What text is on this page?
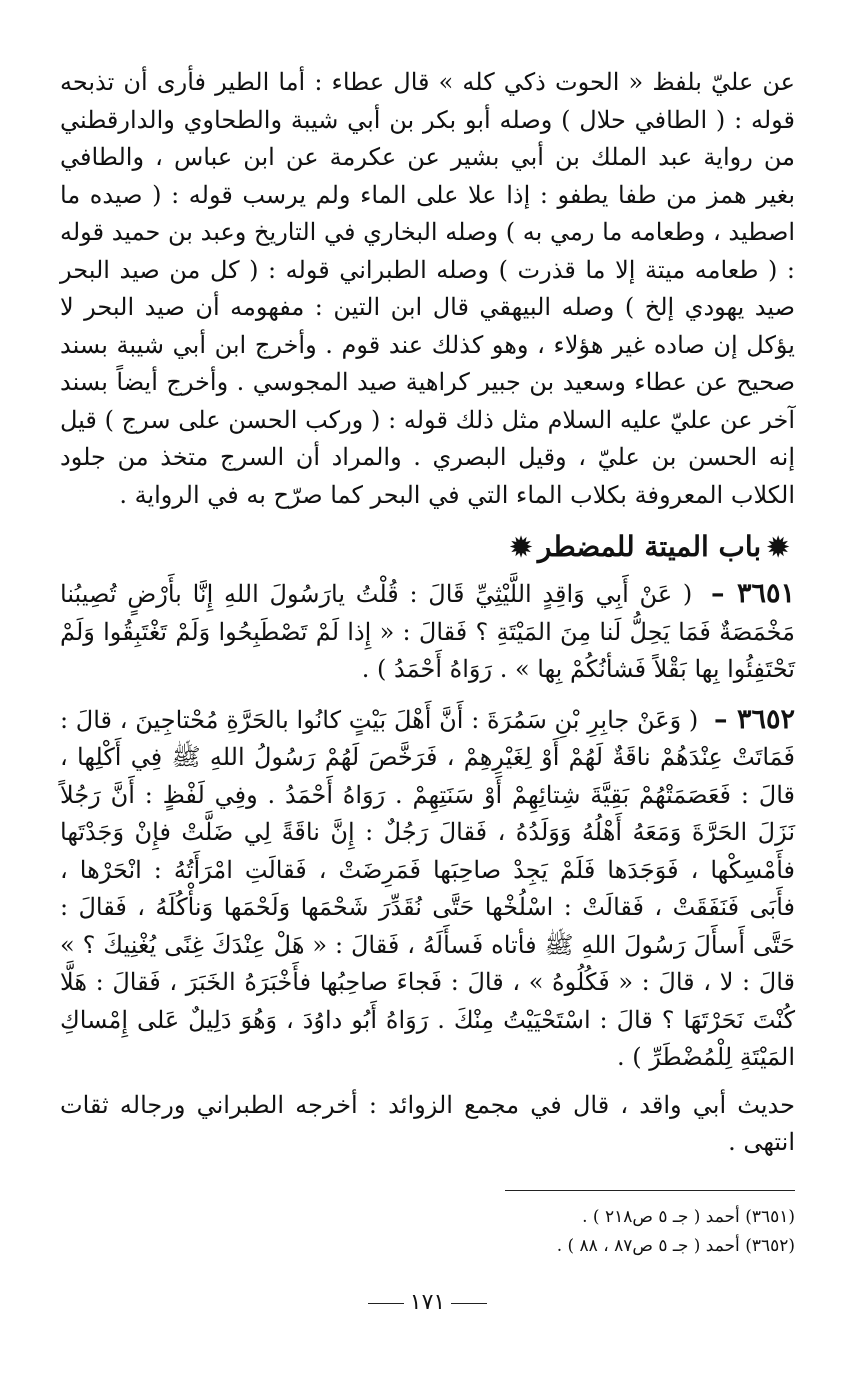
عن عليّ بلفظ « الحوت ذكي كله » قال عطاء : أما الطير فأرى أن تذبحه قوله : ( الطافي حلال ) وصله أبو بكر بن أبي شيبة والطحاوي والدارقطني من رواية عبد الملك بن أبي بشير عن عكرمة عن ابن عباس ، والطافي بغير همز من طفا يطفو : إذا علا على الماء ولم يرسب قوله : ( صيده ما اصطيد ، وطعامه ما رمي به ) وصله البخاري في التاريخ وعبد بن حميد قوله : ( طعامه ميتة إلا ما قذرت ) وصله الطبراني قوله : ( كل من صيد البحر صيد يهودي إلخ ) وصله البيهقي قال ابن التين : مفهومه أن صيد البحر لا يؤكل إن صاده غير هؤلاء ، وهو كذلك عند قوم . وأخرج ابن أبي شيبة بسند صحيح عن عطاء وسعيد بن جبير كراهية صيد المجوسي . وأخرج أيضاً بسند آخر عن عليّ عليه السلام مثل ذلك قوله : ( وركب الحسن على سرج ) قيل إنه الحسن بن عليّ ، وقيل البصري . والمراد أن السرج متخذ من جلود الكلاب المعروفة بكلاب الماء التي في البحر كما صرّح به في الرواية .

✹باب الميتة للمضطر✹

٣٦٥١ – ( عَنْ أَبِي وَاقِدٍ اللَّيْثِيِّ قَالَ : قُلْتُ يارَسُولَ اللهِ إِنَّا بأَرْضٍ تُصِيبُنا مَخْمَصَةٌ فَمَا يَحِلُّ لَنا مِنَ المَيْتَةِ ؟ فَقالَ : « إِذا لَمْ تَصْطَبِحُوا وَلَمْ تَغْتَبِقُوا وَلَمْ تَحْتَفِئُوا بِها بَقْلاً فَشأنُكُمْ بِها » . رَوَاهُ أَحْمَدُ ) .

٣٦٥٢ – ( وَعَنْ جابِرِ بْنِ سَمُرَةَ : أَنَّ أَهْلَ بَيْتٍ كانُوا بالحَرَّةِ مُحْتاجِينَ ، قالَ : فَمَاتَتْ عِنْدَهُمْ ناقَةٌ لَهُمْ أَوْ لِغَيْرِهِمْ ، فَرَخَّصَ لَهُمْ رَسُولُ اللهِ ﷺ فِي أَكْلِها ، قالَ : فَعَصَمَتْهُمْ بَقِيَّةَ شِتائِهِمْ أَوْ سَنَتِهِمْ . رَوَاهُ أَحْمَدُ . وفِي لَفْظٍ : أَنَّ رَجُلاً نَزَلَ الحَرَّةَ وَمَعَهُ أَهْلُهُ وَوَلَدُهُ ، فَقالَ رَجُلٌ : إِنَّ ناقَةً لِي ضَلَّتْ فإِنْ وَجَدْتَها فأَمْسِكْها ، فَوَجَدَها فَلَمْ يَجِدْ صاحِبَها فَمَرِضَتْ ، فَقالَتِ امْرَأَتُهُ : انْحَرْها ، فأَبَى فَنَفَقَتْ ، فَقالَتْ : اسْلُخْها حَتَّى نُقَدِّرَ شَحْمَها وَلَحْمَها وَنأْكُلَهُ ، فَقالَ : حَتَّى أَسأَلَ رَسُولَ اللهِ ﷺ فأتاه فَسأَلَهُ ، فَقالَ : « هَلْ عِنْدَكَ غِنًى يُغْنِيكَ ؟ » قالَ : لا ، قالَ : « فَكُلُوهُ » ، قالَ : فَجاءَ صاحِبُها فأَخْبَرَهُ الخَبَرَ ، فَقالَ : هَلَّا كُنْتَ نَحَرْتَهَا ؟ قالَ : اسْتَحْيَيْتُ مِنْكَ . رَوَاهُ أَبُو داوُدَ ، وَهُوَ دَلِيلٌ عَلى إِمْساكِ المَيْتَةِ لِلْمُضْطَرِّ ) .

حديث أبي واقد ، قال في مجمع الزوائد : أخرجه الطبراني ورجاله ثقات انتهى .

(٣٦٥١) أحمد ( جـ ٥ ص٢١٨ ) .
(٣٦٥٢) أحمد ( جـ ٥ ص٨٧ ، ٨٨ ) .
١٧١
